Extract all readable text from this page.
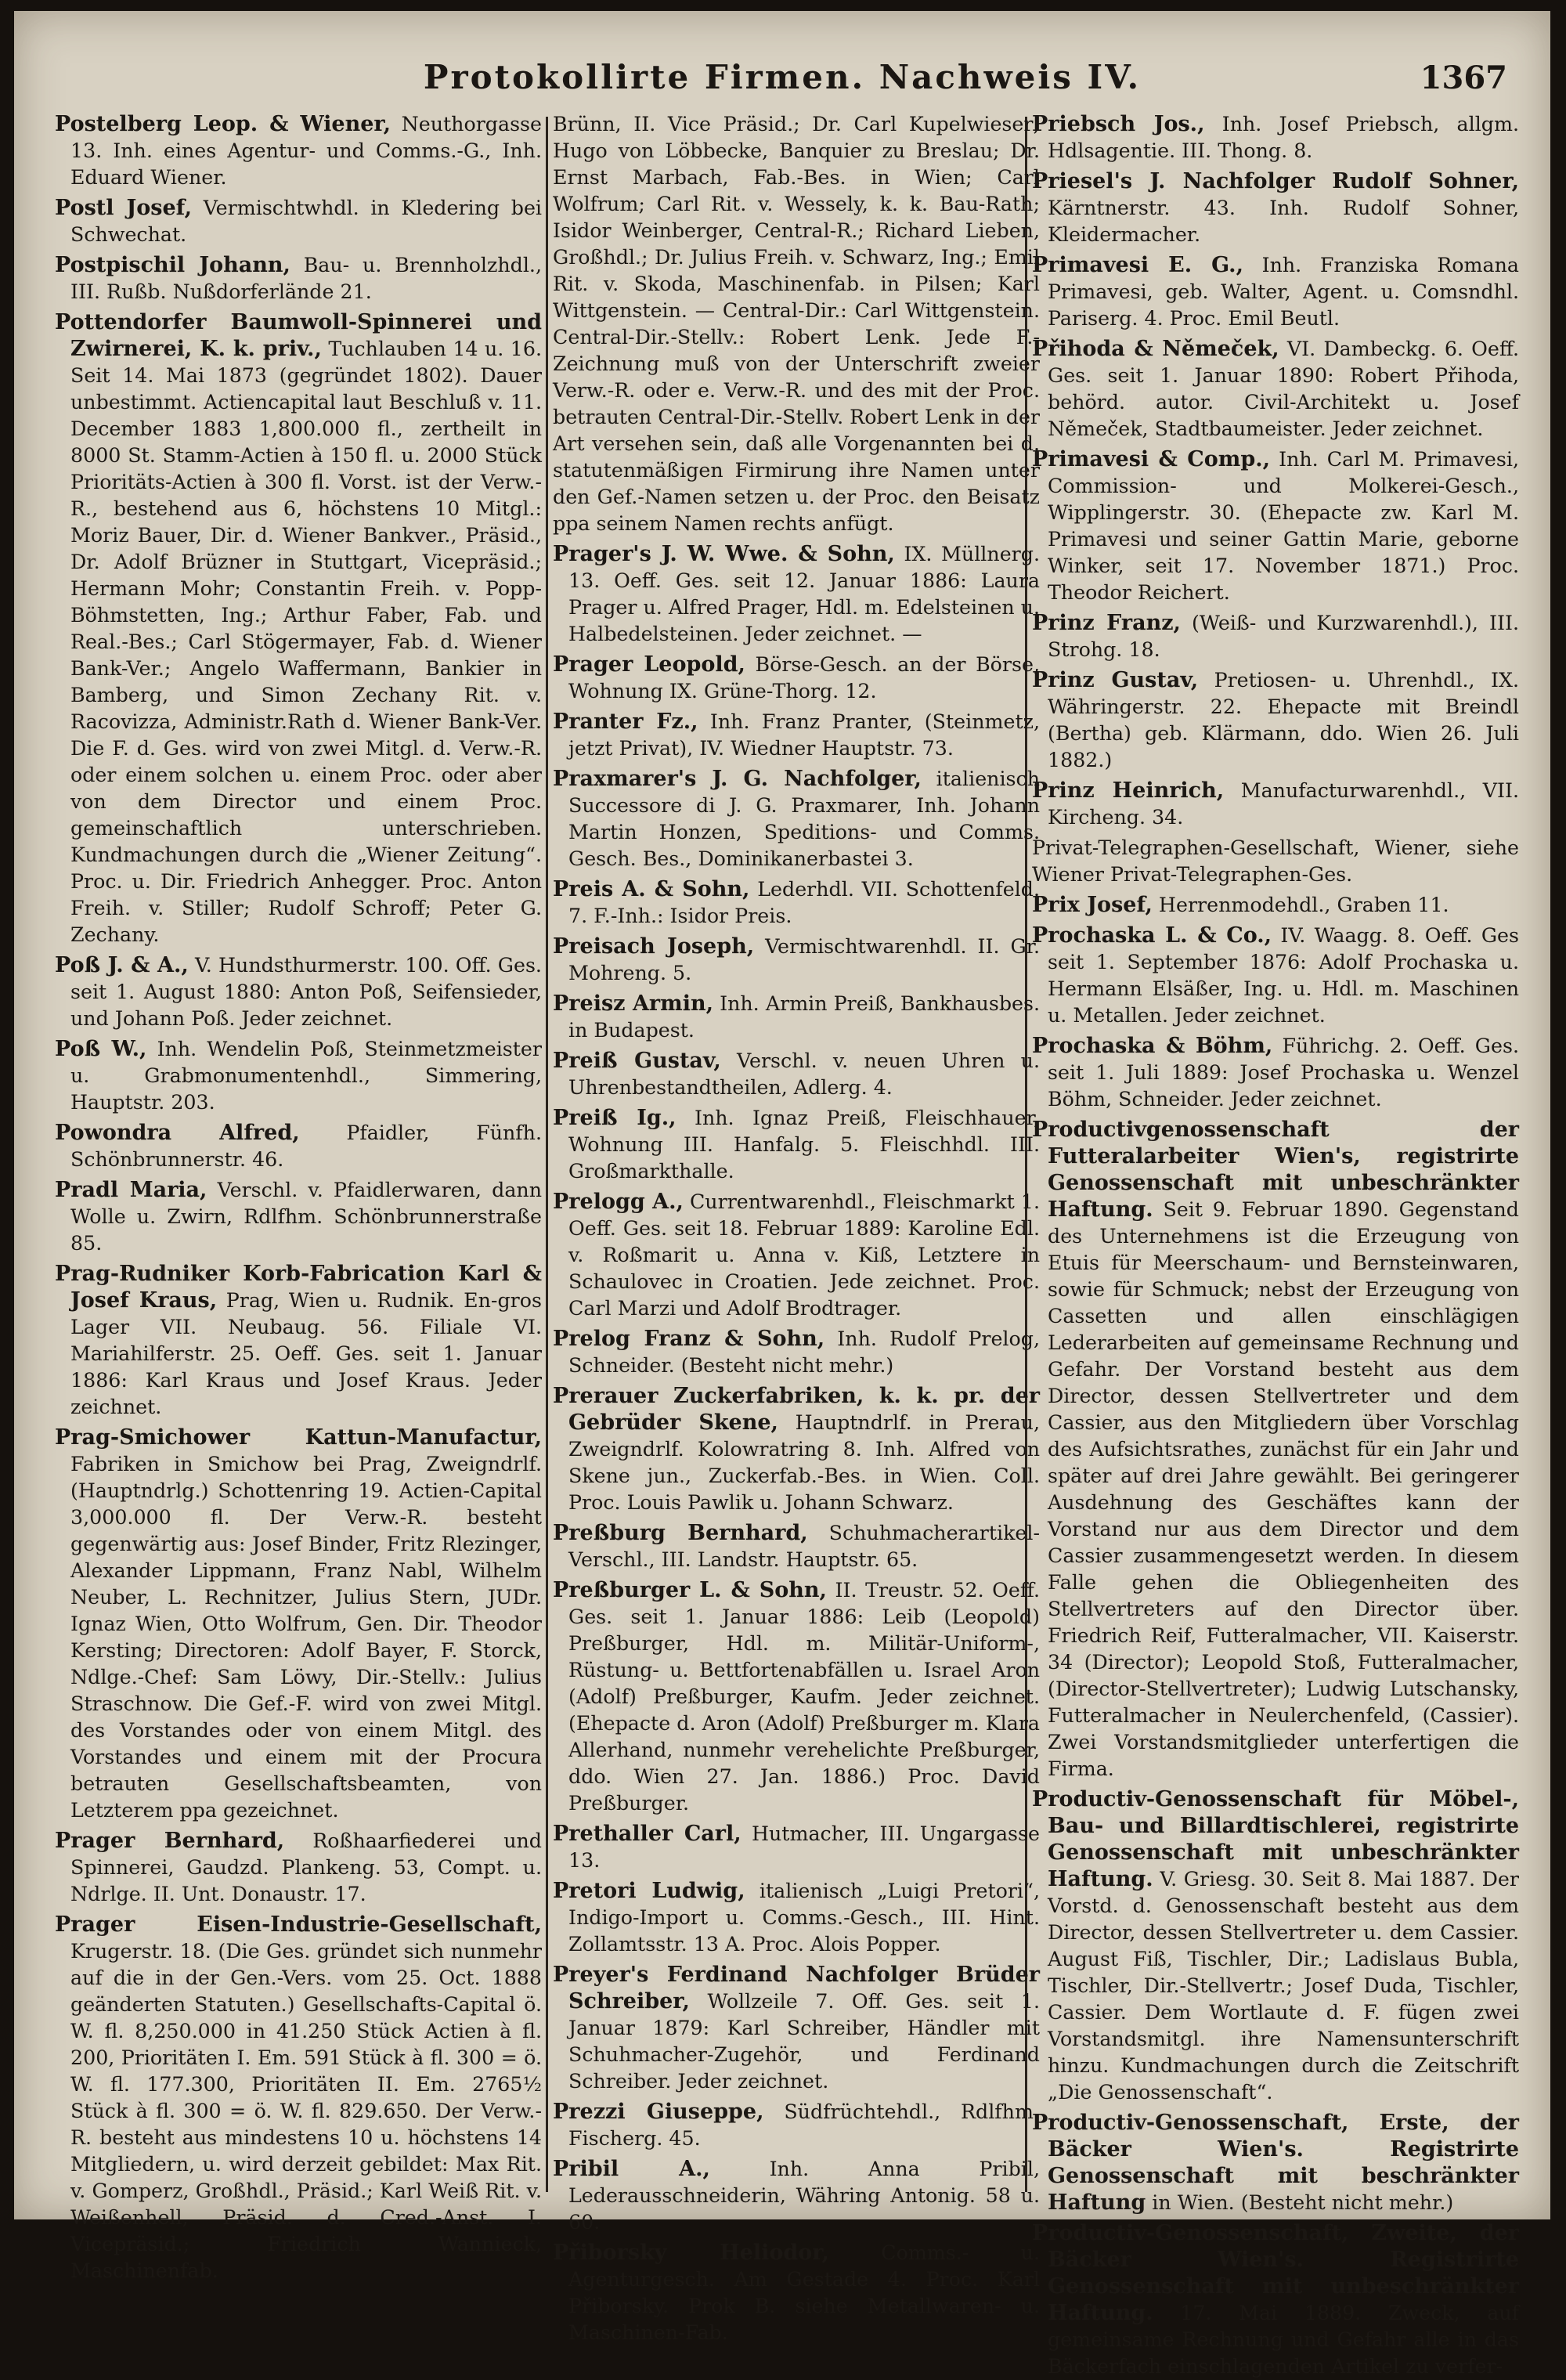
Protokollirte Firmen. Nachweis IV.	1367
Postelberg Leop. & Wiener, Neuthorgasse 13. Inh. eines Agentur- und Comms.-G., Inh. Eduard Wiener.
Postl Josef, Vermischtwhdl. in Kledering bei Schwechat.
Postpischil Johann, Bau- u. Brennholzhdl., III. Rußb. Nußdorferlände 21.
Pottendorfer Baumwoll-Spinnerei und Zwirnerei, K. k. priv., Tuchlauben 14 u. 16. Seit 14. Mai 1873 (gegründet 1802). Dauer unbestimmt. Actiencapital laut Beschluß v. 11. December 1883 1,800.000 fl., zertheilt in 8000 St. Stamm-Actien à 150 fl. u. 2000 Stück Prioritäts-Actien à 300 fl. Vorst. ist der Verw.-R., bestehend aus 6, höchstens 10 Mitgl.: Moriz Bauer, Dir. d. Wiener Bankver., Präsid., Dr. Adolf Brüzner in Stuttgart, Vicepräsid.; Hermann Mohr; Constantin Freih. v. Popp-Böhmstetten, Ing.; Arthur Faber, Fab. und Real.-Bes.; Carl Stögermayer, Fab. d. Wiener Bank-Ver.; Angelo Waffermann, Bankier in Bamberg, und Simon Zechany Rit. v. Racovizza, Administr.Rath d. Wiener Bank-Ver. Die F. d. Ges. wird von zwei Mitgl. d. Verw.-R. oder einem solchen u. einem Proc. oder aber von dem Director und einem Proc. gemeinschaftlich unterschrieben. Kundmachungen durch die „Wiener Zeitung“. Proc. u. Dir. Friedrich Anhegger. Proc. Anton Freih. v. Stiller; Rudolf Schroff; Peter G. Zechany.
Poß J. & A., V. Hundsthurmerstr. 100. Off. Ges. seit 1. August 1880: Anton Poß, Seifensieder, und Johann Poß. Jeder zeichnet.
Poß W., Inh. Wendelin Poß, Steinmetzmeister u. Grabmonumentenhdl., Simmering, Hauptstr. 203.
Powondra Alfred, Pfaidler, Fünfh. Schönbrunnerstr. 46.
Pradl Maria, Verschl. v. Pfaidlerwaren, dann Wolle u. Zwirn, Rdlfhm. Schönbrunnerstraße 85.
Prag-Rudniker Korb-Fabrication Karl & Josef Kraus, Prag, Wien u. Rudnik. En-gros Lager VII. Neubaug. 56. Filiale VI. Mariahilferstr. 25. Oeff. Ges. seit 1. Januar 1886: Karl Kraus und Josef Kraus. Jeder zeichnet.
Prag-Smichower Kattun-Manufactur, Fabriken in Smichow bei Prag, Zweigndrlf. (Hauptndrlg.) Schottenring 19. Actien-Capital 3,000.000 fl. Der Verw.-R. besteht gegenwärtig aus: Josef Binder, Fritz Rlezinger, Alexander Lippmann, Franz Nabl, Wilhelm Neuber, L. Rechnitzer, Julius Stern, JUDr. Ignaz Wien, Otto Wolfrum, Gen. Dir. Theodor Kersting; Directoren: Adolf Bayer, F. Storck, Ndlge.-Chef: Sam Löwy, Dir.-Stellv.: Julius Straschnow. Die Gef.-F. wird von zwei Mitgl. des Vorstandes oder von einem Mitgl. des Vorstandes und einem mit der Procura betrauten Gesellschaftsbeamten, von Letzterem ppa gezeichnet.
Prager Bernhard, Roßhaarfiederei und Spinnerei, Gaudzd. Plankeng. 53, Compt. u. Ndrlge. II. Unt. Donaustr. 17.
Prager Eisen-Industrie-Gesellschaft, Krugerstr. 18. (Die Ges. gründet sich nunmehr auf die in der Gen.-Vers. vom 25. Oct. 1888 geänderten Statuten.) Gesellschafts-Capital ö. W. fl. 8,250.000 in 41.250 Stück Actien à fl. 200, Prioritäten I. Em. 591 Stück à fl. 300 = ö. W. fl. 177.300, Prioritäten II. Em. 2765½ Stück à fl. 300 = ö. W. fl. 829.650. Der Verw.-R. besteht aus mindestens 10 u. höchstens 14 Mitgliedern, u. wird derzeit gebildet: Max Rit. v. Gomperz, Großhdl., Präsid.; Karl Weiß Rit. v. Weißenhell, Präsid. d. Cred.-Anst. I. Vicepräsid.; Friedrich Wannieck, Maschinenfab.
Brünn, II. Vice Präsid.; Dr. Carl Kupelwieser; Hugo von Löbbecke, Banquier zu Breslau; Dr. Ernst Marbach, Fab.-Bes. in Wien; Carl Wolfrum; Carl Rit. v. Wessely, k. k. Bau-Rath; Isidor Weinberger, Central-R.; Richard Lieben, Großhdl.; Dr. Julius Freih. v. Schwarz, Ing.; Emil Rit. v. Skoda, Maschinenfab. in Pilsen; Karl Wittgenstein. — Central-Dir.: Carl Wittgenstein. Central-Dir.-Stellv.: Robert Lenk. Jede F.-Zeichnung muß von der Unterschrift zweier Verw.-R. oder e. Verw.-R. und des mit der Proc. betrauten Central-Dir.-Stellv. Robert Lenk in der Art versehen sein, daß alle Vorgenannten bei d. statutenmäßigen Firmirung ihre Namen unter den Gef.-Namen setzen u. der Proc. den Beisatz ppa seinem Namen rechts anfügt.
Prager's J. W. Wwe. & Sohn, IX. Müllnerg. 13. Oeff. Ges. seit 12. Januar 1886: Laura Prager u. Alfred Prager, Hdl. m. Edelsteinen u. Halbedelsteinen. Jeder zeichnet. —
Prager Leopold, Börse-Gesch. an der Börse, Wohnung IX. Grüne-Thorg. 12.
Pranter Fz., Inh. Franz Pranter, (Steinmetz, jetzt Privat), IV. Wiedner Hauptstr. 73.
Praxmarer's J. G. Nachfolger, italienisch Successore di J. G. Praxmarer, Inh. Johann Martin Honzen, Speditions- und Comms. Gesch. Bes., Dominikanerbastei 3.
Preis A. & Sohn, Lederhdl. VII. Schottenfeld. 7. F.-Inh.: Isidor Preis.
Preisach Joseph, Vermischtwarenhdl. II. Gr. Mohreng. 5.
Preisz Armin, Inh. Armin Preiß, Bankhausbes. in Budapest.
Preiß Gustav, Verschl. v. neuen Uhren u. Uhrenbestandtheilen, Adlerg. 4.
Preiß Ig., Inh. Ignaz Preiß, Fleischhauer, Wohnung III. Hanfalg. 5. Fleischhdl. III. Großmarkthalle.
Prelogg A., Currentwarenhdl., Fleischmarkt 1. Oeff. Ges. seit 18. Februar 1889: Karoline Edl. v. Roßmarit u. Anna v. Kiß, Letztere in Schaulovec in Croatien. Jede zeichnet. Proc. Carl Marzi und Adolf Brodtrager.
Prelog Franz & Sohn, Inh. Rudolf Prelog, Schneider. (Besteht nicht mehr.)
Prerauer Zuckerfabriken, k. k. pr. der Gebrüder Skene, Hauptndrlf. in Prerau, Zweigndrlf. Kolowratring 8. Inh. Alfred von Skene jun., Zuckerfab.-Bes. in Wien. Coll. Proc. Louis Pawlik u. Johann Schwarz.
Preßburg Bernhard, Schuhmacherartikel-Verschl., III. Landstr. Hauptstr. 65.
Preßburger L. & Sohn, II. Treustr. 52. Oeff. Ges. seit 1. Januar 1886: Leib (Leopold) Preßburger, Hdl. m. Militär-Uniform-, Rüstung- u. Bettfortenabfällen u. Israel Aron (Adolf) Preßburger, Kaufm. Jeder zeichnet. (Ehepacte d. Aron (Adolf) Preßburger m. Klara Allerhand, nunmehr verehelichte Preßburger, ddo. Wien 27. Jan. 1886.) Proc. David Preßburger.
Prethaller Carl, Hutmacher, III. Ungargasse 13.
Pretori Ludwig, italienisch „Luigi Pretori“, Indigo-Import u. Comms.-Gesch., III. Hint. Zollamtsstr. 13 A. Proc. Alois Popper.
Preyer's Ferdinand Nachfolger Brüder Schreiber, Wollzeile 7. Off. Ges. seit 1. Januar 1879: Karl Schreiber, Händler mit Schuhmacher-Zugehör, und Ferdinand Schreiber. Jeder zeichnet.
Prezzi Giuseppe, Südfrüchtehdl., Rdlfhm. Fischerg. 45.
Pribil A.,	Inh. Anna Pribil, Lederausschneiderin, Währing Antonig. 58 u. 60.
Přiborsky Heliodor,	Comms.- u. Agenturgesch. Am Gestade 4. Proc. Karl Přiborsky. Prok B. siehe Metallwaren- u. Maschinen-Fab.
Priebsch Jos., Inh. Josef Priebsch, allgm. Hdlsagentie. III. Thong. 8.
Priesel's J. Nachfolger Rudolf Sohner, Kärntnerstr. 43. Inh. Rudolf Sohner, Kleidermacher.
Primavesi E. G., Inh. Franziska Romana Primavesi, geb. Walter, Agent. u. Comsndhl. Pariserg. 4. Proc. Emil Beutl.
Přihoda & Němeček, VI. Dambeckg. 6. Oeff. Ges. seit 1. Januar 1890: Robert Přihoda, behörd. autor. Civil-Architekt u. Josef Němeček, Stadtbaumeister. Jeder zeichnet.
Primavesi & Comp., Inh. Carl M. Primavesi, Commission- und Molkerei-Gesch., Wipplingerstr. 30. (Ehepacte zw. Karl M. Primavesi und seiner Gattin Marie, geborne Winker, seit 17. November 1871.) Proc. Theodor Reichert.
Prinz Franz, (Weiß- und Kurzwarenhdl.), III. Strohg. 18.
Prinz Gustav, Pretiosen- u. Uhrenhdl., IX. Währingerstr. 22. Ehepacte mit Breindl (Bertha) geb. Klärmann, ddo. Wien 26. Juli 1882.)
Prinz Heinrich, Manufacturwarenhdl., VII. Kircheng. 34.
Privat-Telegraphen-Gesellschaft, Wiener, siehe Wiener Privat-Telegraphen-Ges.
Prix Josef, Herrenmodehdl., Graben 11.
Prochaska L. & Co., IV. Waagg. 8. Oeff. Ges seit 1. September 1876: Adolf Prochaska u. Hermann Elsäßer, Ing. u. Hdl. m. Maschinen u. Metallen. Jeder zeichnet.
Prochaska & Böhm, Führichg. 2. Oeff. Ges. seit 1. Juli 1889: Josef Prochaska u. Wenzel Böhm, Schneider. Jeder zeichnet.
Productivgenossenschaft der Futteralarbeiter Wien's, registrirte Genossenschaft mit unbeschränkter Haftung. Seit 9. Februar 1890. Gegenstand des Unternehmens ist die Erzeugung von Etuis für Meerschaum- und Bernsteinwaren, sowie für Schmuck; nebst der Erzeugung von Cassetten und allen einschlägigen Lederarbeiten auf gemeinsame Rechnung und Gefahr. Der Vorstand besteht aus dem Director, dessen Stellvertreter und dem Cassier, aus den Mitgliedern über Vorschlag des Aufsichtsrathes, zunächst für ein Jahr und später auf drei Jahre gewählt. Bei geringerer Ausdehnung des Geschäftes kann der Vorstand nur aus dem Director und dem Cassier zusammengesetzt werden. In diesem Falle gehen die Obliegenheiten des Stellvertreters auf den Director über. Friedrich Reif, Futteralmacher, VII. Kaiserstr. 34 (Director); Leopold Stoß, Futteralmacher, (Director-Stellvertreter); Ludwig Lutschansky, Futteralmacher in Neulerchenfeld, (Cassier). Zwei Vorstandsmitglieder unterfertigen die Firma.
Productiv-Genossenschaft für Möbel-, Bau- und Billardtischlerei, registrirte Genossenschaft mit unbeschränkter Haftung. V. Griesg. 30. Seit 8. Mai 1887. Der Vorstd. d. Genossenschaft besteht aus dem Director, dessen Stellvertreter u. dem Cassier. August Fiß, Tischler, Dir.; Ladislaus Bubla, Tischler, Dir.-Stellvertr.; Josef Duda, Tischler, Cassier. Dem Wortlaute d. F. fügen zwei Vorstandsmitgl. ihre Namensunterschrift hinzu. Kundmachungen durch die Zeitschrift „Die Genossenschaft“.
Productiv-Genossenschaft, Erste, der Bäcker Wien's. Registrirte Genossenschaft mit beschränkter Haftung in Wien. (Besteht nicht mehr.)
Productiv-Genossenschaft, Zweite, der Bäcker Wien's. Registrirte Genossenschaft mit unbeschränkter Haftung. 17. Mai 1889. Zweck, auf gemeinsame Rechnung und Gefahr alle in das Bäckerfach einschlagenden Artikel zu verfer-
